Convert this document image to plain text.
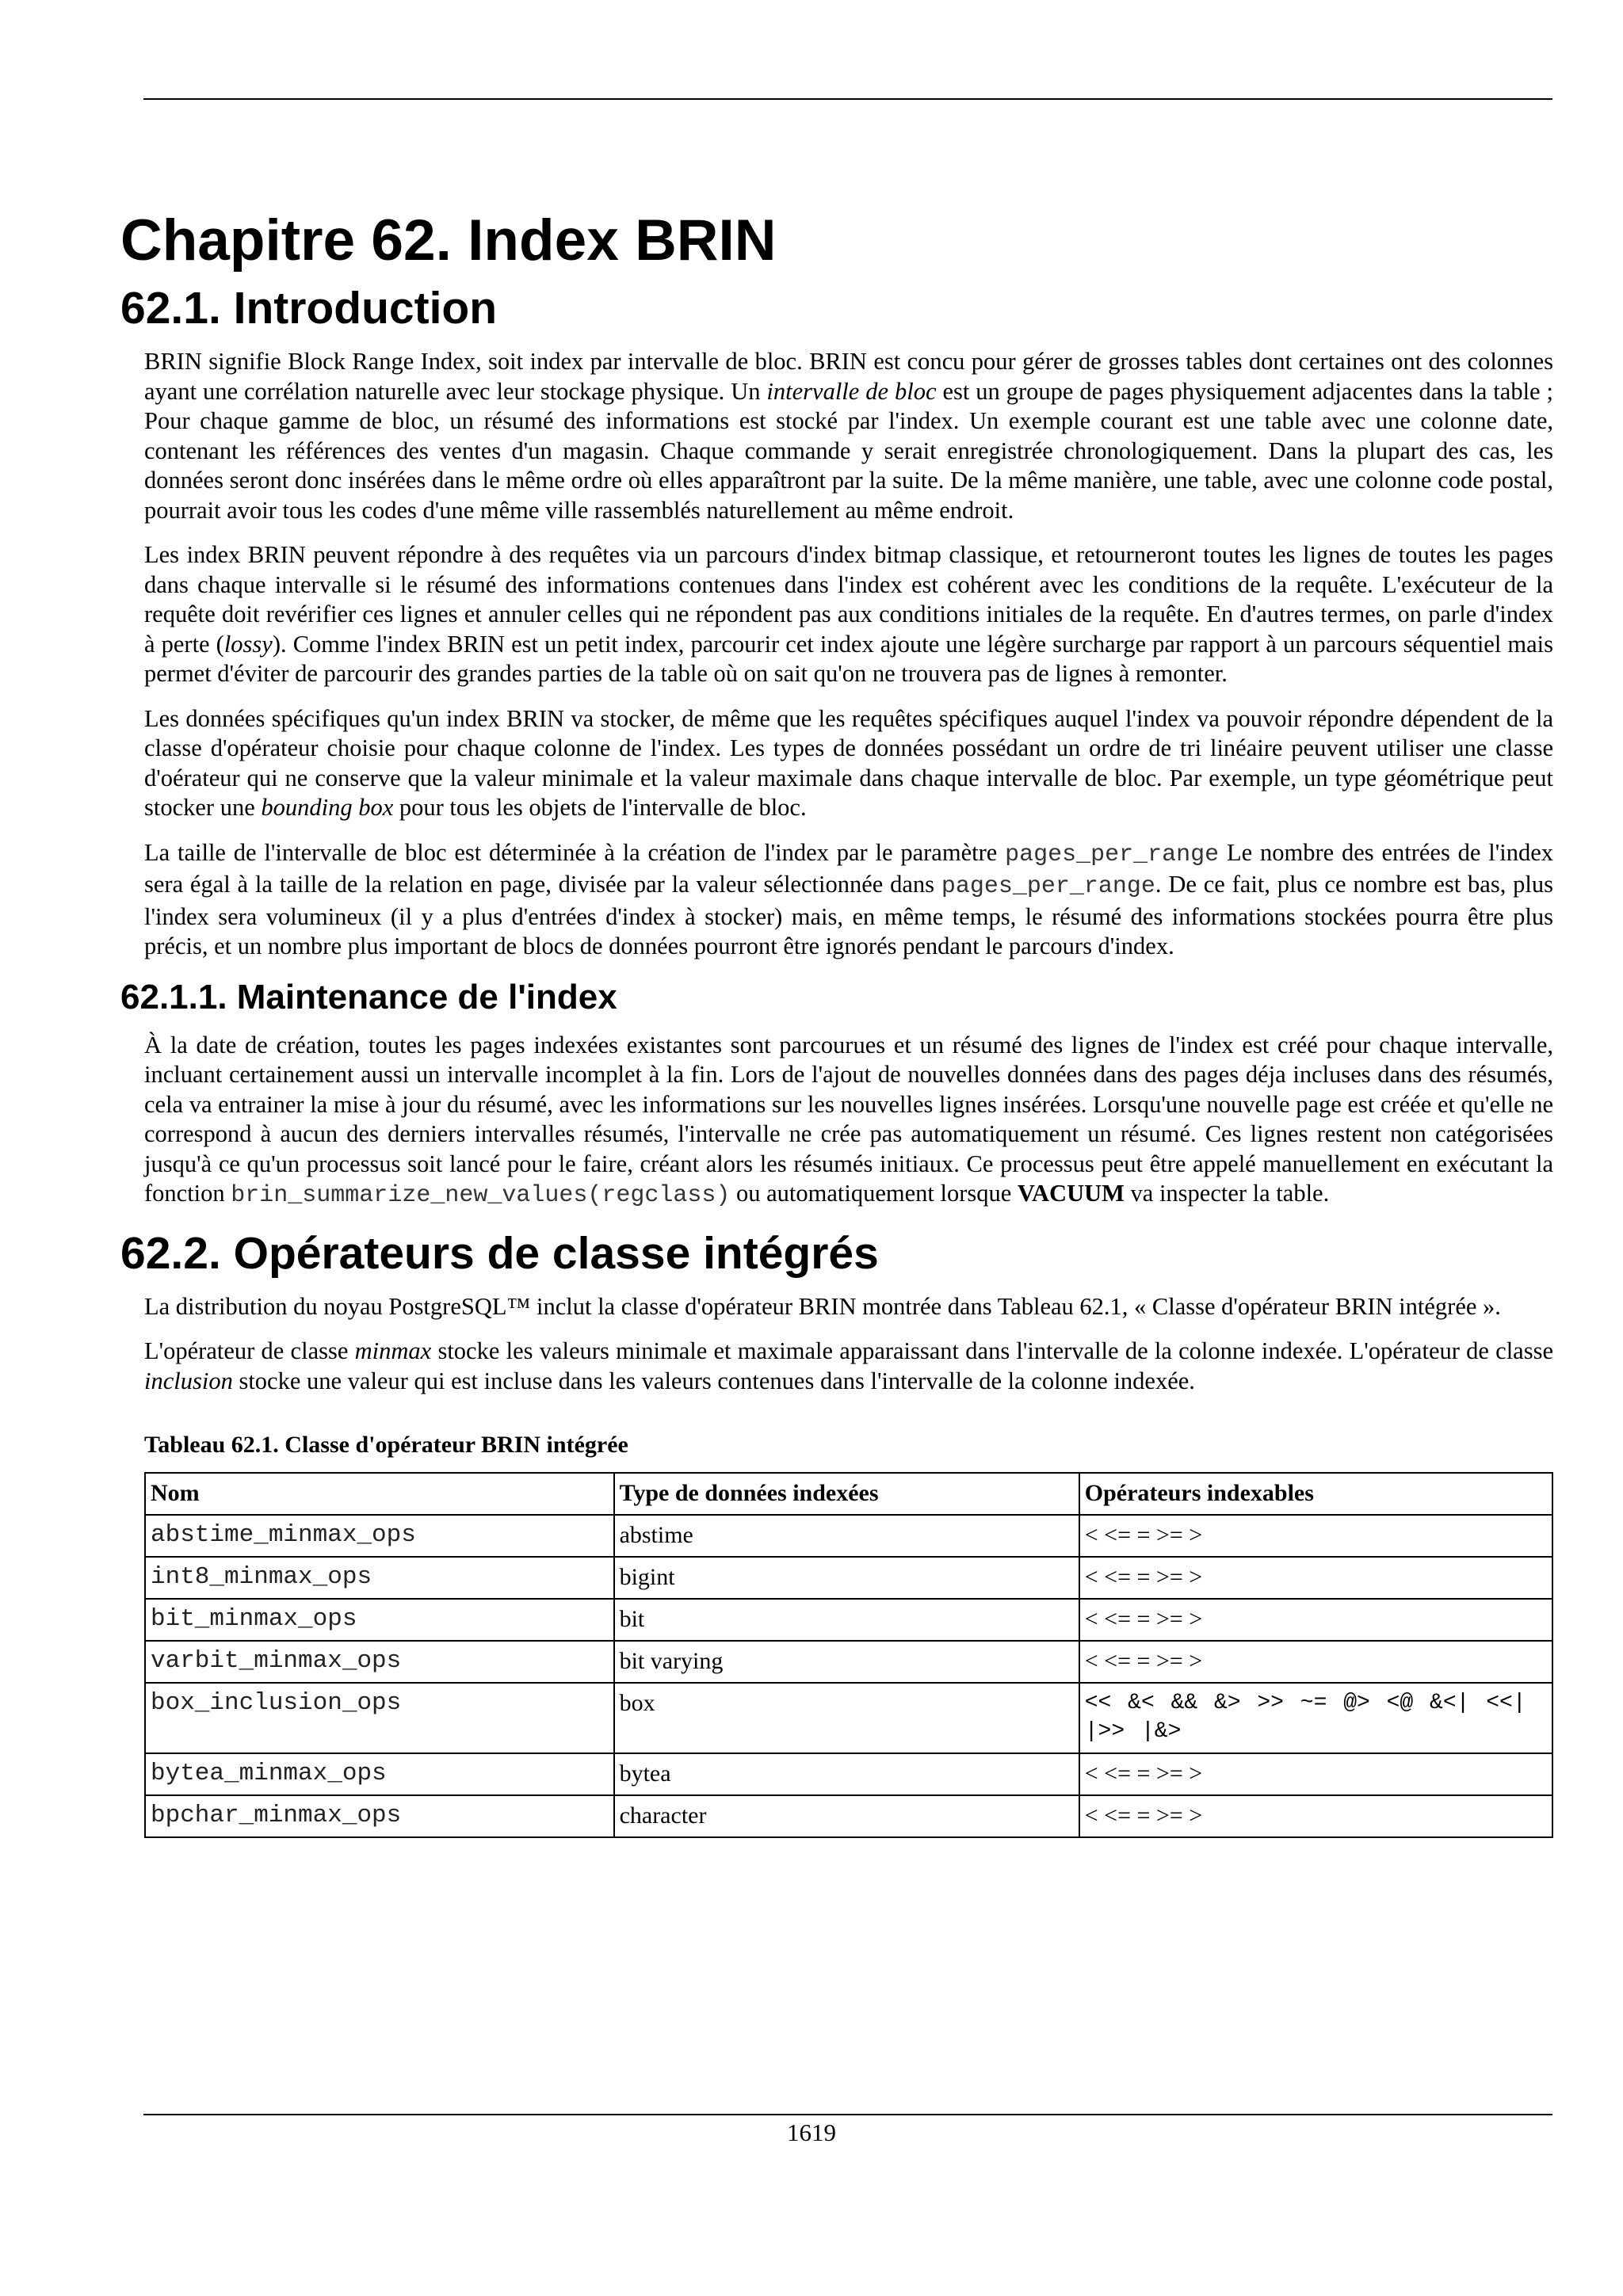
Chapitre 62. Index BRIN
62.1. Introduction

BRIN signifie Block Range Index, soit index par intervalle de bloc. BRIN est concu pour gérer de grosses tables dont certaines ont des colonnes ayant une corrélation naturelle avec leur stockage physique. Un intervalle de bloc est un groupe de pages physiquement adjacentes dans la table ; Pour chaque gamme de bloc, un résumé des informations est stocké par l'index. Un exemple courant est une table avec une colonne date, contenant les références des ventes d'un magasin. Chaque commande y serait enregistrée chronologiquement. Dans la plupart des cas, les données seront donc insérées dans le même ordre où elles apparaîtront par la suite. De la même manière, une table, avec une colonne code postal, pourrait avoir tous les codes d'une même ville rassemblés naturellement au même endroit.

Les index BRIN peuvent répondre à des requêtes via un parcours d'index bitmap classique, et retourneront toutes les lignes de toutes les pages dans chaque intervalle si le résumé des informations contenues dans l'index est cohérent avec les conditions de la requête. L'exécuteur de la requête doit revérifier ces lignes et annuler celles qui ne répondent pas aux conditions initiales de la requête. En d'autres termes, on parle d'index à perte (lossy). Comme l'index BRIN est un petit index, parcourir cet index ajoute une légère surcharge par rapport à un parcours séquentiel mais permet d'éviter de parcourir des grandes parties de la table où on sait qu'on ne trouvera pas de lignes à remonter.

Les données spécifiques qu'un index BRIN va stocker, de même que les requêtes spécifiques auquel l'index va pouvoir répondre dépendent de la classe d'opérateur choisie pour chaque colonne de l'index. Les types de données possédant un ordre de tri linéaire peuvent utiliser une classe d'oérateur qui ne conserve que la valeur minimale et la valeur maximale dans chaque intervalle de bloc. Par exemple, un type géométrique peut stocker une bounding box pour tous les objets de l'intervalle de bloc.

La taille de l'intervalle de bloc est déterminée à la création de l'index par le paramètre pages_per_range Le nombre des entrées de l'index sera égal à la taille de la relation en page, divisée par la valeur sélectionnée dans pages_per_range. De ce fait, plus ce nombre est bas, plus l'index sera volumineux (il y a plus d'entrées d'index à stocker) mais, en même temps, le résumé des informations stockées pourra être plus précis, et un nombre plus important de blocs de données pourront être ignorés pendant le parcours d'index.

62.1.1. Maintenance de l'index

À la date de création, toutes les pages indexées existantes sont parcourues et un résumé des lignes de l'index est créé pour chaque intervalle, incluant certainement aussi un intervalle incomplet à la fin. Lors de l'ajout de nouvelles données dans des pages déja incluses dans des résumés, cela va entrainer la mise à jour du résumé, avec les informations sur les nouvelles lignes insérées. Lorsqu'une nouvelle page est créée et qu'elle ne correspond à aucun des derniers intervalles résumés, l'intervalle ne crée pas automatiquement un résumé. Ces lignes restent non catégorisées jusqu'à ce qu'un processus soit lancé pour le faire, créant alors les résumés initiaux. Ce processus peut être appelé manuellement en exécutant la fonction brin_summarize_new_values(regclass) ou automatiquement lorsque VACUUM va inspecter la table.

62.2. Opérateurs de classe intégrés

La distribution du noyau PostgreSQL™ inclut la classe d'opérateur BRIN montrée dans Tableau 62.1, « Classe d'opérateur BRIN intégrée ».

L'opérateur de classe minmax stocke les valeurs minimale et maximale apparaissant dans l'intervalle de la colonne indexée. L'opérateur de classe inclusion stocke une valeur qui est incluse dans les valeurs contenues dans l'intervalle de la colonne indexée.

Tableau 62.1. Classe d'opérateur BRIN intégrée
Nom	Type de données indexées	Opérateurs indexables
abstime_minmax_ops	abstime	< <= = >= >
int8_minmax_ops	bigint	< <= = >= >
bit_minmax_ops	bit	< <= = >= >
varbit_minmax_ops	bit varying	< <= = >= >
box_inclusion_ops	box	<< &< && &> >> ~= @> <@ &<| <<| |>> |&>
bytea_minmax_ops	bytea	< <= = >= >
bpchar_minmax_ops	character	< <= = >= >
1619
